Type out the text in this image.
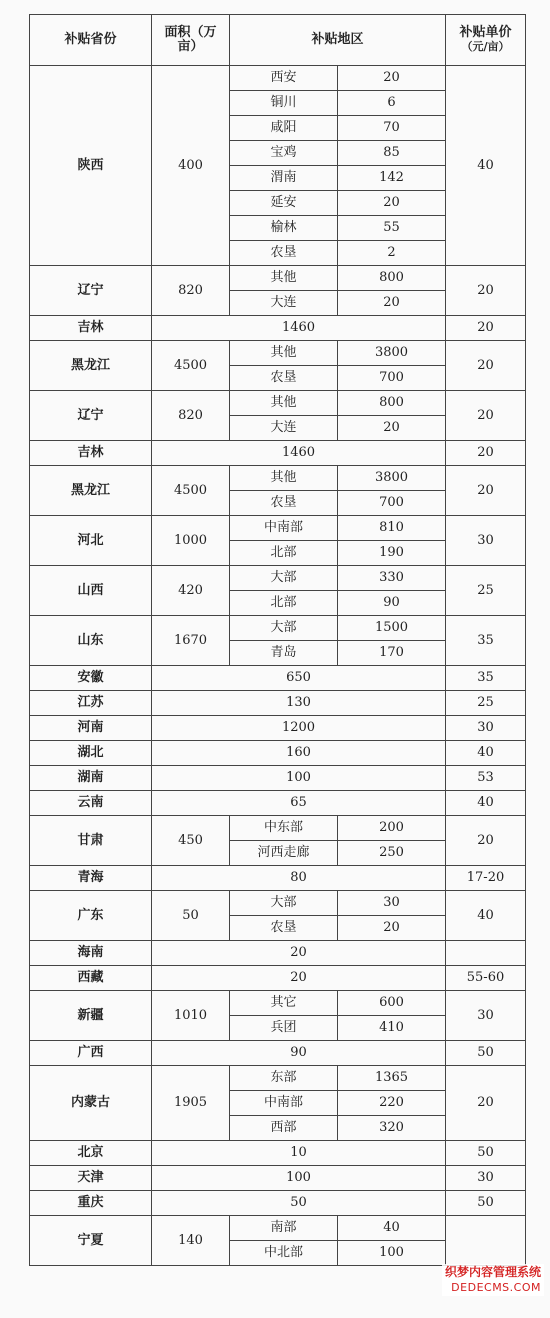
补贴省份	面积（万
亩）	补贴地区		补贴单价
（元/亩）

陕西	400	西安	20	40
		铜川	6	
		咸阳	70	
		宝鸡	85	
		渭南	142	
		延安	20	
		榆林	55	
		农垦	2	
辽宁	820	其他	800	20
		大连	20	
吉林	1460			20
黑龙江	4500	其他	3800	20
		农垦	700	
辽宁	820	其他	800	20
		大连	20	
吉林	1460			20
黑龙江	4500	其他	3800	20
		农垦	700	
河北	1000	中南部	810	30
		北部	190	
山西	420	大部	330	25
		北部	90	
山东	1670	大部	1500	35
		青岛	170	
安徽	650			35
江苏	130			25
河南	1200			30
湖北	160			40
湖南	100			53
云南	65			40
甘肃	450	中东部	200	20
		河西走廊	250	
青海	80			17-20
广东	50	大部	30	40
		农垦	20	
海南	20			
西藏	20			55-60
新疆	1010	其它	600	30
		兵团	410	
广西	90			50
内蒙古	1905	东部	1365	20
		中南部	220	
		西部	320	
北京	10			50
天津	100			30
重庆	50			50
宁夏	140	南部	40	
		中北部	100	
织梦内容管理系统
DEDECMS.COM
